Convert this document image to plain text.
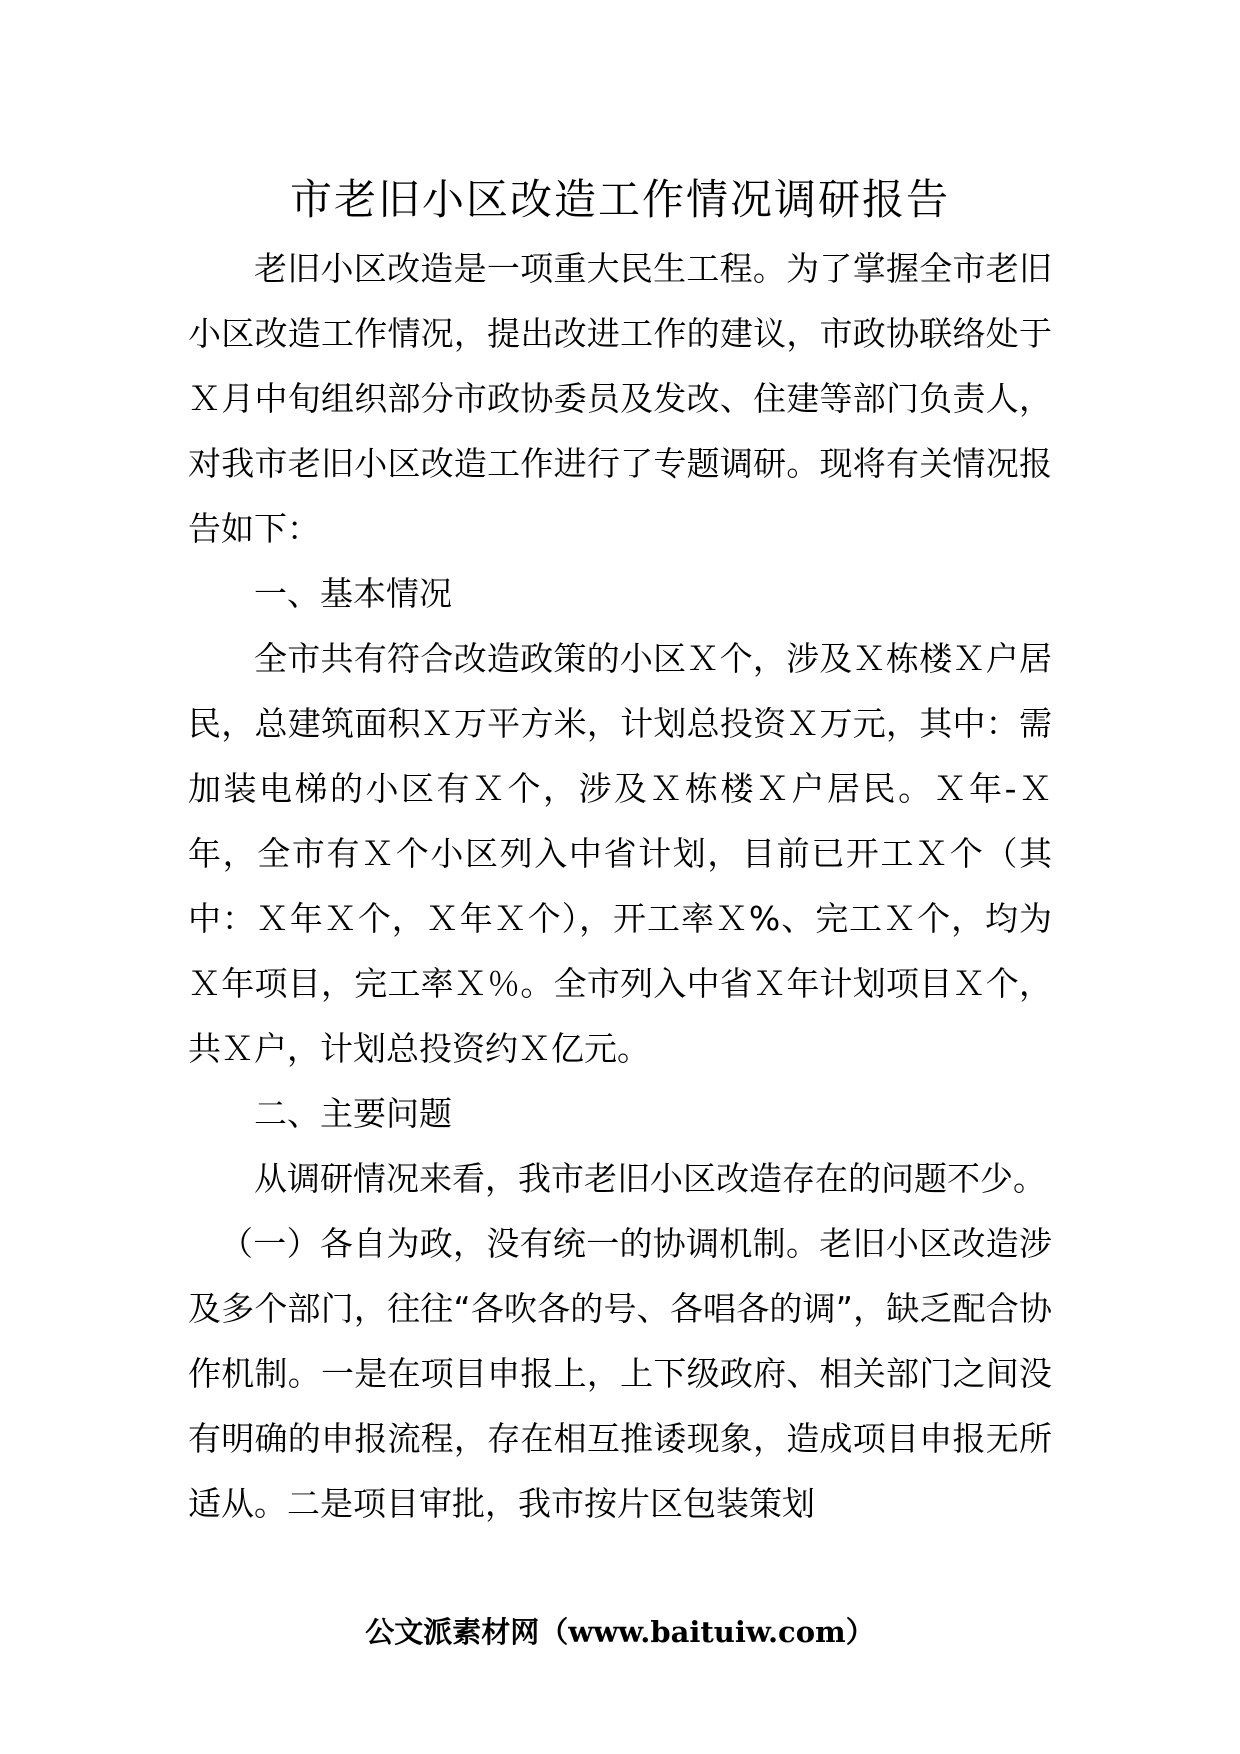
市老旧小区改造工作情况调研报告

老旧小区改造是一项重大民生工程。为了掌握全市老旧小区改造工作情况，提出改进工作的建议，市政协联络处于Ｘ月中旬组织部分市政协委员及发改、住建等部门负责人，对我市老旧小区改造工作进行了专题调研。现将有关情况报告如下：

一、基本情况

全市共有符合改造政策的小区Ｘ个，涉及Ｘ栋楼Ｘ户居民，总建筑面积Ｘ万平方米，计划总投资Ｘ万元，其中：需加装电梯的小区有Ｘ个，涉及Ｘ栋楼Ｘ户居民。Ｘ年-Ｘ年，全市有Ｘ个小区列入中省计划，目前已开工Ｘ个（其中：Ｘ年Ｘ个，Ｘ年Ｘ个），开工率Ｘ%、完工Ｘ个，均为Ｘ年项目，完工率Ｘ％。全市列入中省Ｘ年计划项目Ｘ个，共Ｘ户，计划总投资约Ｘ亿元。

二、主要问题

从调研情况来看，我市老旧小区改造存在的问题不少。

（一）各自为政，没有统一的协调机制。老旧小区改造涉及多个部门，往往“各吹各的号、各唱各的调”，缺乏配合协作机制。一是在项目申报上，上下级政府、相关部门之间没有明确的申报流程，存在相互推诿现象，造成项目申报无所适从。二是项目审批，我市按片区包装策划

公文派素材网（www.baituiw.com）
